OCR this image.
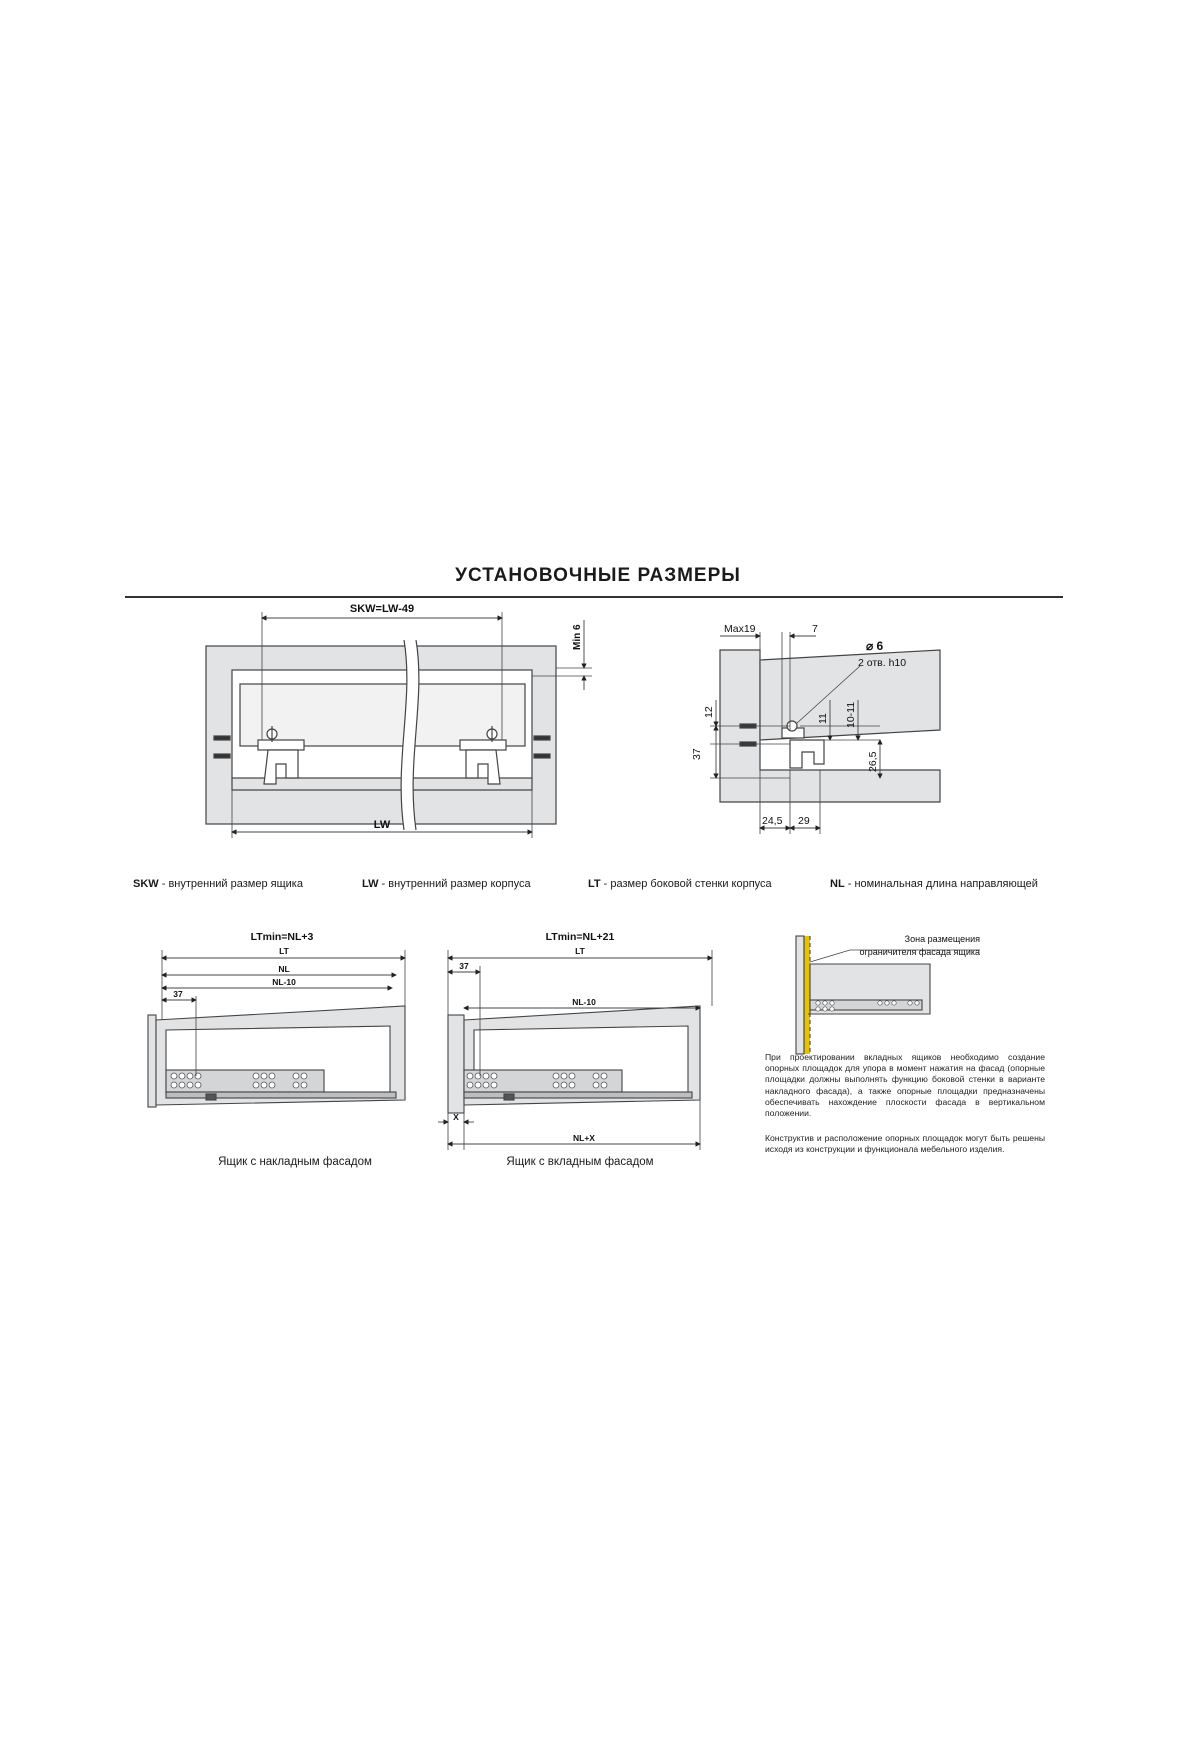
УСТАНОВОЧНЫЕ РАЗМЕРЫ
SKW=LW-49
Min 6
LW
Max19	7
⌀ 6
2 отв. h10
12
11 10-11
37	26,5
24,5 29
LTmin=NL+3
LT
NL
NL-10
37
LTmin=NL+21
LT
37
NL-10
X
NL+X
Зона размещения
ограничителя фасада ящика
SKW - внутренний размер ящика	LW - внутренний размер корпуса	LT - размер боковой стенки корпуса	NL - номинальная длина направляющей
Ящик с накладным фасадом	Ящик с вкладным фасадом
При проектировании вкладных ящиков необходимо создание опорных площадок для упора в момент нажатия на фасад (опорные площадки должны выполнять функцию боковой стенки в варианте накладного фасада), а также опорные площадки предназначены обеспечивать нахождение плоскости фасада в вертикальном положении.
Конструктив и расположение опорных площадок могут быть решены исходя из конструкции и функционала мебельного изделия.
